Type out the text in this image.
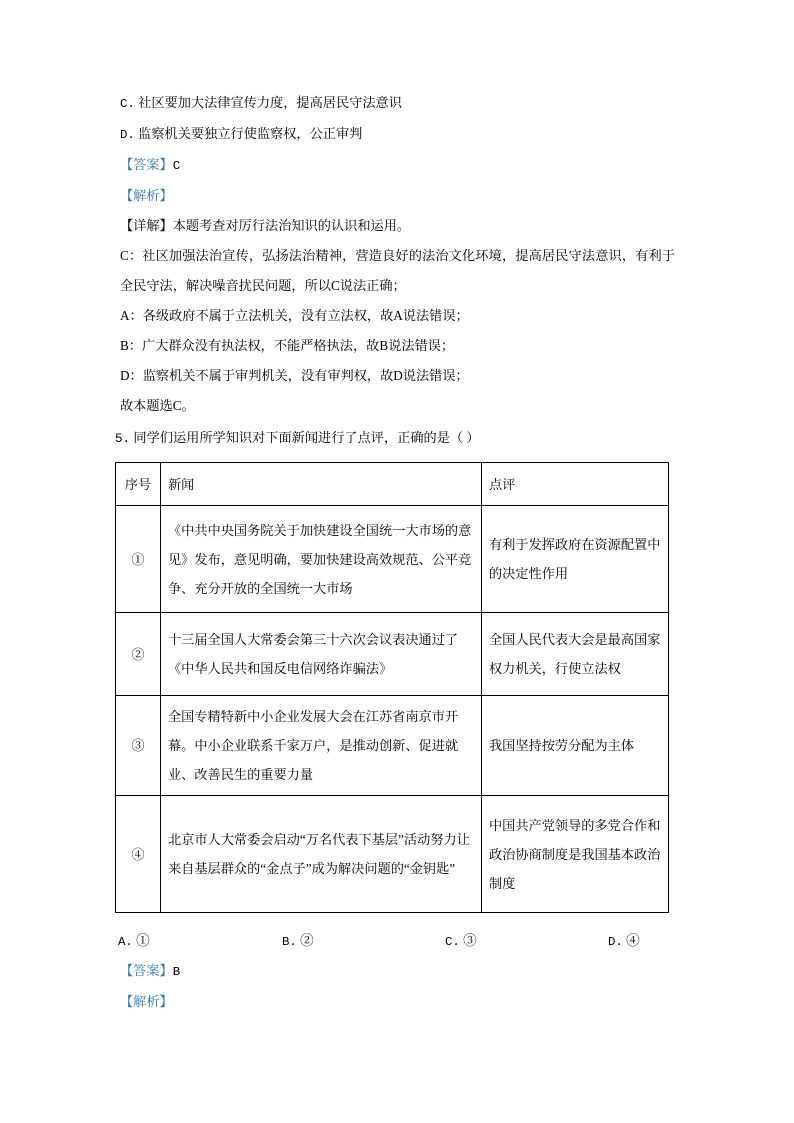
C. 社区要加大法律宣传力度，提高居民守法意识
D. 监察机关要独立行使监察权，公正审判
【答案】C
【解析】
【详解】本题考查对厉行法治知识的认识和运用。
C：社区加强法治宣传，弘扬法治精神，营造良好的法治文化环境，提高居民守法意识，有利于全民守法，解决噪音扰民问题，所以C说法正确；
A：各级政府不属于立法机关，没有立法权，故A说法错误；
B：广大群众没有执法权，不能严格执法，故B说法错误；
D：监察机关不属于审判机关，没有审判权，故D说法错误；
故本题选C。
5. 同学们运用所学知识对下面新闻进行了点评，正确的是（ ）
序号	新闻	点评
①	《中共中央国务院关于加快建设全国统一大市场的意见》发布，意见明确，要加快建设高效规范、公平竞争、充分开放的全国统一大市场	有利于发挥政府在资源配置中的决定性作用
②	十三届全国人大常委会第三十六次会议表决通过了《中华人民共和国反电信网络诈骗法》	全国人民代表大会是最高国家权力机关，行使立法权
③	全国专精特新中小企业发展大会在江苏省南京市开幕。中小企业联系千家万户，是推动创新、促进就业、改善民生的重要力量	我国坚持按劳分配为主体
④	北京市人大常委会启动“万名代表下基层”活动努力让来自基层群众的“金点子”成为解决问题的“金钥匙”	中国共产党领导的多党合作和政治协商制度是我国基本政治制度
A. ①	B. ②	C. ③	D. ④
【答案】B
【解析】
